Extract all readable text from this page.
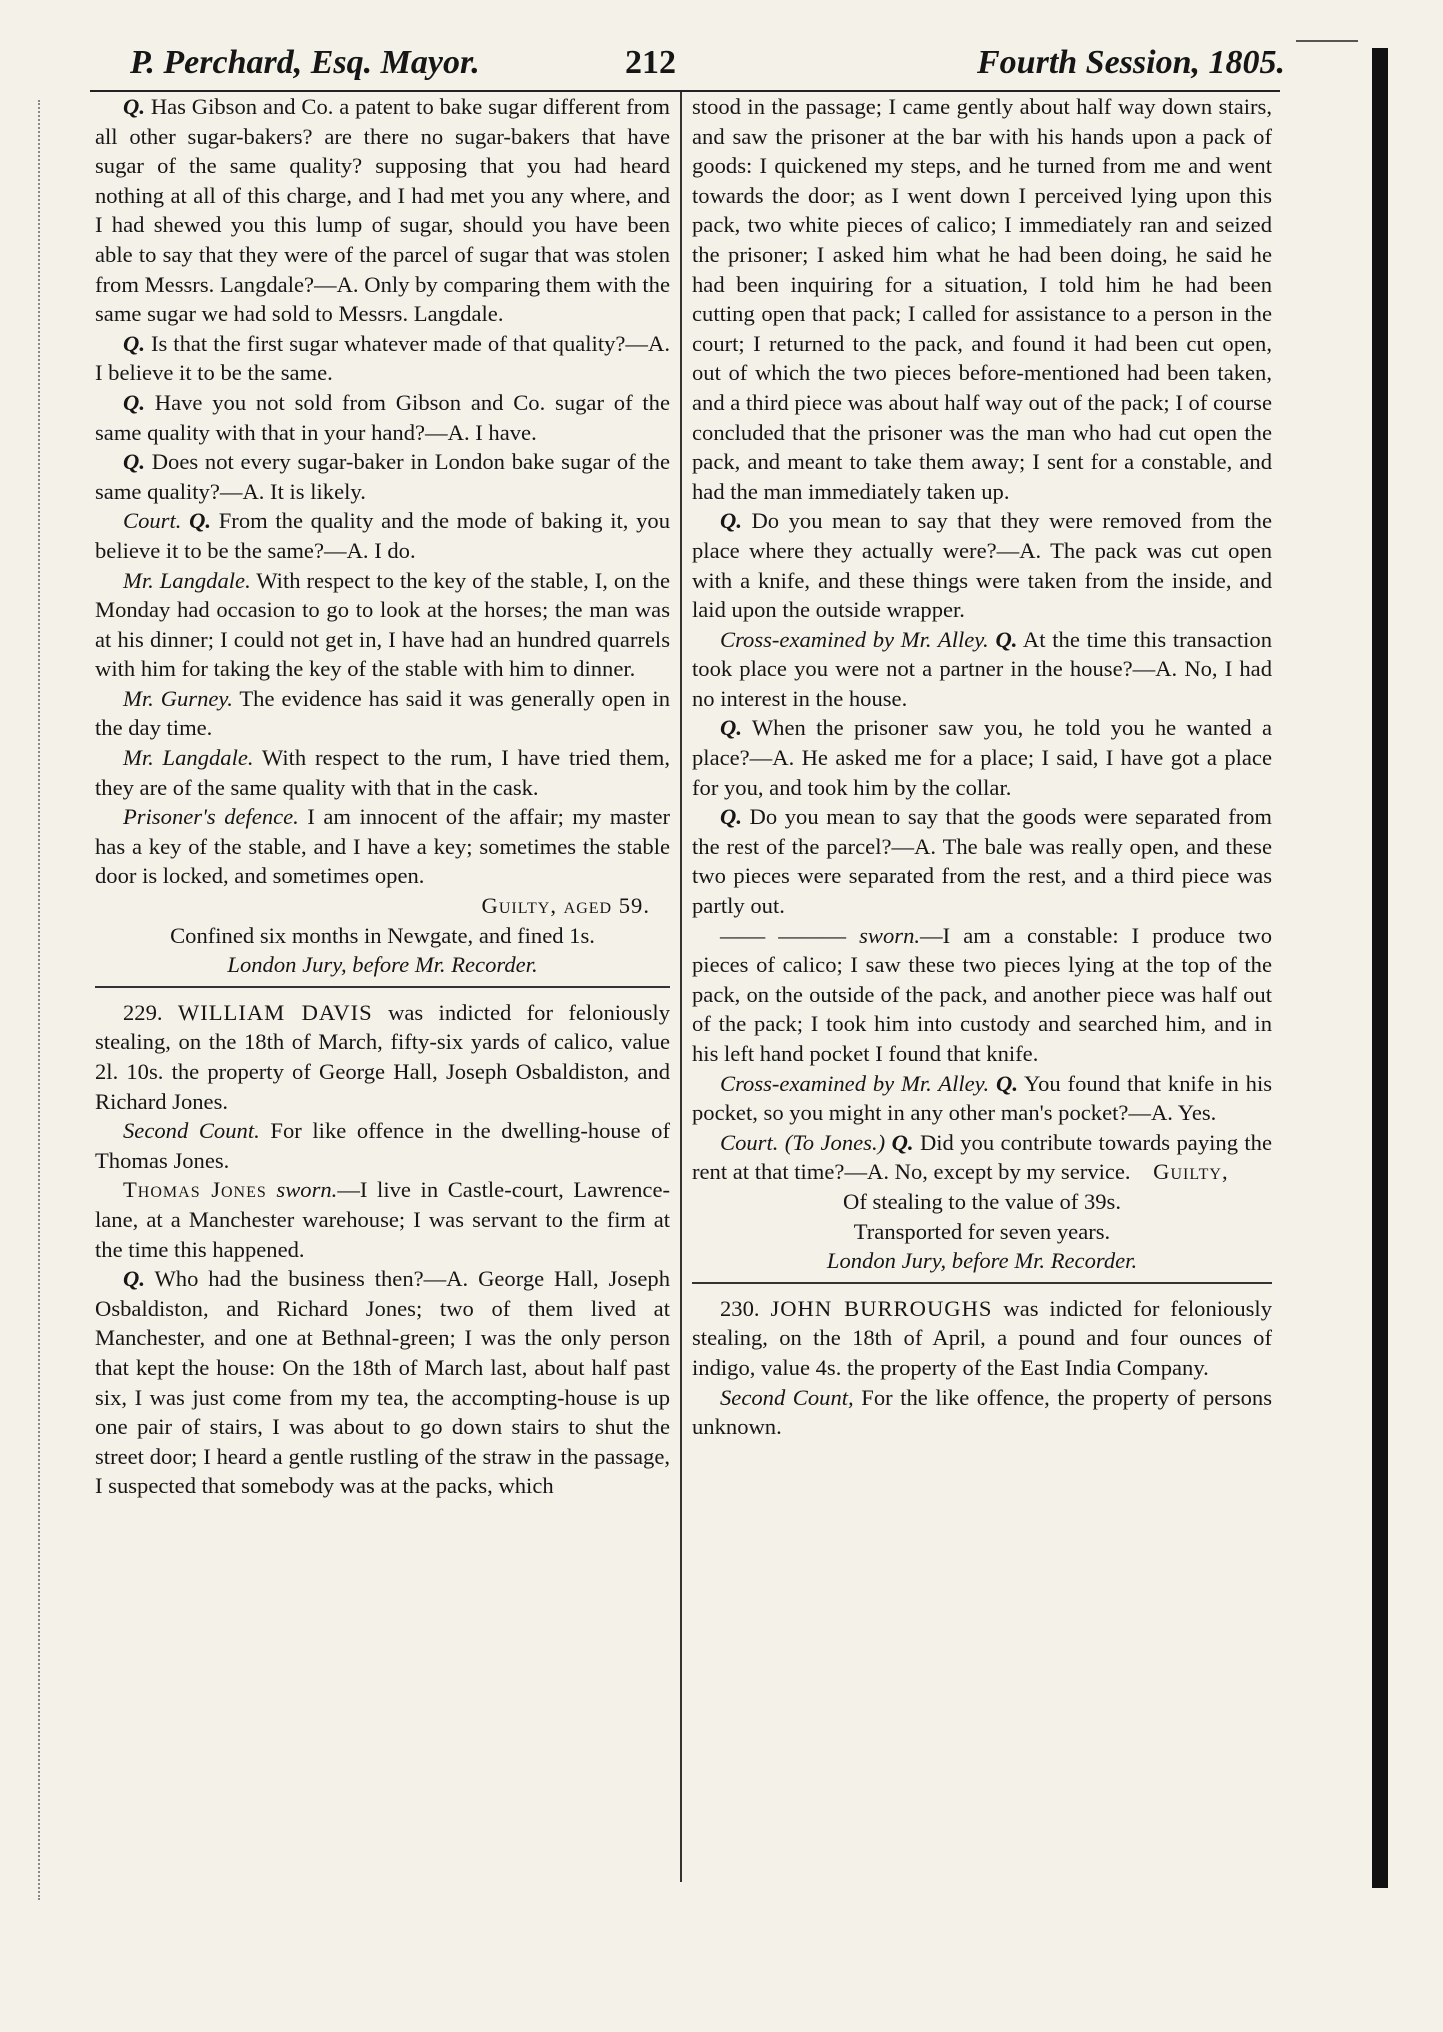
P. Perchard, Esq. Mayor.	212	Fourth Session, 1805.

Q. Has Gibson and Co. a patent to bake sugar different from all other sugar-bakers? are there no sugar-bakers that have sugar of the same quality? supposing that you had heard nothing at all of this charge, and I had met you any where, and I had shewed you this lump of sugar, should you have been able to say that they were of the parcel of sugar that was stolen from Messrs. Langdale?—A. Only by comparing them with the same sugar we had sold to Messrs. Langdale.

Q. Is that the first sugar whatever made of that quality?—A. I believe it to be the same.

Q. Have you not sold from Gibson and Co. sugar of the same quality with that in your hand?—A. I have.

Q. Does not every sugar-baker in London bake sugar of the same quality?—A. It is likely.

Court. Q. From the quality and the mode of baking it, you believe it to be the same?—A. I do.

Mr. Langdale. With respect to the key of the stable, I, on the Monday had occasion to go to look at the horses; the man was at his dinner; I could not get in, I have had an hundred quarrels with him for taking the key of the stable with him to dinner.

Mr. Gurney. The evidence has said it was generally open in the day time.

Mr. Langdale. With respect to the rum, I have tried them, they are of the same quality with that in the cask.

Prisoner's defence. I am innocent of the affair; my master has a key of the stable, and I have a key; sometimes the stable door is locked, and sometimes open.

Guilty, aged 59.

Confined six months in Newgate, and fined 1s.

London Jury, before Mr. Recorder.

229. WILLIAM DAVIS was indicted for feloniously stealing, on the 18th of March, fifty-six yards of calico, value 2l. 10s. the property of George Hall, Joseph Osbaldiston, and Richard Jones.

Second Count. For like offence in the dwelling-house of Thomas Jones.

Thomas Jones sworn.—I live in Castle-court, Lawrence-lane, at a Manchester warehouse; I was servant to the firm at the time this happened.

Q. Who had the business then?—A. George Hall, Joseph Osbaldiston, and Richard Jones; two of them lived at Manchester, and one at Bethnal-green; I was the only person that kept the house: On the 18th of March last, about half past six, I was just come from my tea, the accompting-house is up one pair of stairs, I was about to go down stairs to shut the street door; I heard a gentle rustling of the straw in the passage, I suspected that somebody was at the packs, which

stood in the passage; I came gently about half way down stairs, and saw the prisoner at the bar with his hands upon a pack of goods: I quickened my steps, and he turned from me and went towards the door; as I went down I perceived lying upon this pack, two white pieces of calico; I immediately ran and seized the prisoner; I asked him what he had been doing, he said he had been inquiring for a situation, I told him he had been cutting open that pack; I called for assistance to a person in the court; I returned to the pack, and found it had been cut open, out of which the two pieces before-mentioned had been taken, and a third piece was about half way out of the pack; I of course concluded that the prisoner was the man who had cut open the pack, and meant to take them away; I sent for a constable, and had the man immediately taken up.

Q. Do you mean to say that they were removed from the place where they actually were?—A. The pack was cut open with a knife, and these things were taken from the inside, and laid upon the outside wrapper.

Cross-examined by Mr. Alley. Q. At the time this transaction took place you were not a partner in the house?—A. No, I had no interest in the house.

Q. When the prisoner saw you, he told you he wanted a place?—A. He asked me for a place; I said, I have got a place for you, and took him by the collar.

Q. Do you mean to say that the goods were separated from the rest of the parcel?—A. The bale was really open, and these two pieces were separated from the rest, and a third piece was partly out.

—— ——— sworn.—I am a constable: I produce two pieces of calico; I saw these two pieces lying at the top of the pack, on the outside of the pack, and another piece was half out of the pack; I took him into custody and searched him, and in his left hand pocket I found that knife.

Cross-examined by Mr. Alley. Q. You found that knife in his pocket, so you might in any other man's pocket?—A. Yes.

Court. (To Jones.) Q. Did you contribute towards paying the rent at that time?—A. No, except by my service. Guilty,

Of stealing to the value of 39s.

Transported for seven years.

London Jury, before Mr. Recorder.

230. JOHN BURROUGHS was indicted for feloniously stealing, on the 18th of April, a pound and four ounces of indigo, value 4s. the property of the East India Company.

Second Count, For the like offence, the property of persons unknown.
